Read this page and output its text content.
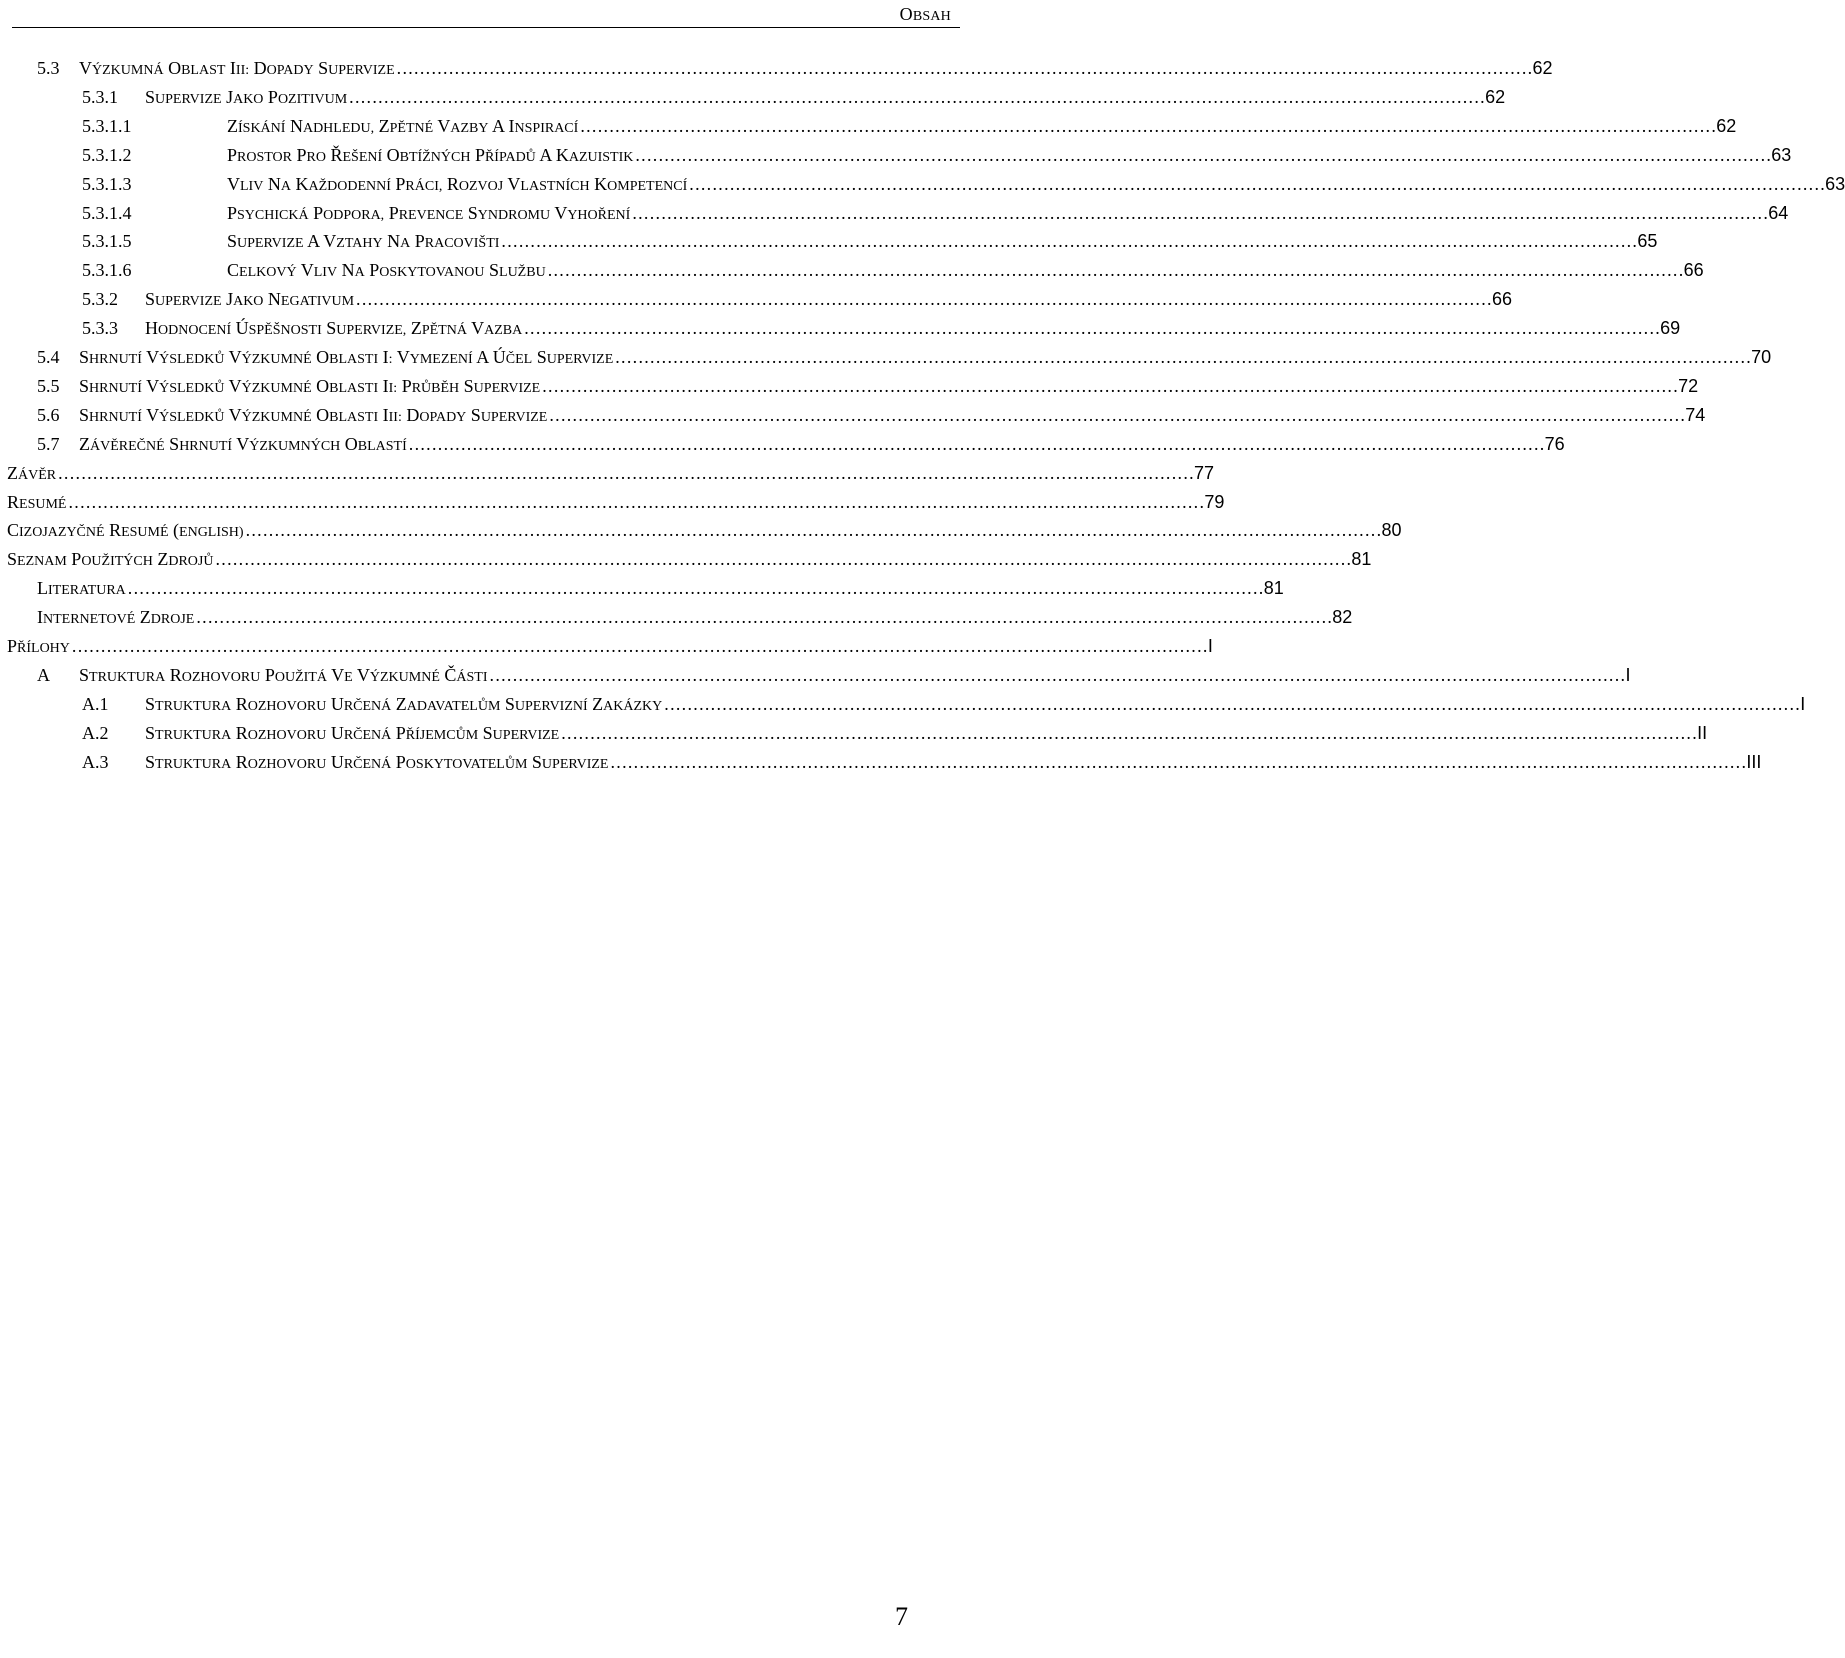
OBSAH
5.3	VÝZKUMNÁ OBLAST III: DOPADY SUPERVIZE . . .	62
5.3.1	SUPERVIZE JAKO POZITIVUM . . .	62
5.3.1.1	ZÍSKÁNÍ NADHLEDU, ZPĚTNÉ VAZBY A INSPIRACÍ . . .	62
5.3.1.2	PROSTOR PRO ŘEŠENÍ OBTÍŽNÝCH PŘÍPADŮ A KAZUISTIK . . .	63
5.3.1.3	VLIV NA KAŽDODENNÍ PRÁCI, ROZVOJ VLASTNÍCH KOMPETENCÍ . . .	63
5.3.1.4	PSYCHICKÁ PODPORA, PREVENCE SYNDROMU VYHOŘENÍ . . .	64
5.3.1.5	SUPERVIZE A VZTAHY NA PRACOVIŠTI . . .	65
5.3.1.6	CELKOVÝ VLIV NA POSKYTOVANOU SLUŽBU . . .	66
5.3.2	SUPERVIZE JAKO NEGATIVUM . . .	66
5.3.3	HODNOCENÍ ÚSPĚŠNOSTI SUPERVIZE, ZPĚTNÁ VAZBA . . .	69
5.4	SHRNUTÍ VÝSLEDKŮ VÝZKUMNÉ OBLASTI I: VYMEZENÍ A ÚČEL SUPERVIZE . . .	70
5.5	SHRNUTÍ VÝSLEDKŮ VÝZKUMNÉ OBLASTI II: PRŮBĚH SUPERVIZE . . .	72
5.6	SHRNUTÍ VÝSLEDKŮ VÝZKUMNÉ OBLASTI III: DOPADY SUPERVIZE . . .	74
5.7	ZÁVĚREČNÉ SHRNUTÍ VÝZKUMNÝCH OBLASTÍ . . .	76
ZÁVĚR . . .	77
RESUMÉ . . .	79
CIZOJAZYČNÉ RESUMÉ (ENGLISH) . . .	80
SEZNAM POUŽITÝCH ZDROJŮ . . .	81
LITERATURA . . .	81
INTERNETOVÉ ZDROJE . . .	82
PŘÍLOHY . . .	I
A	STRUKTURA ROZHOVORU POUŽITÁ VE VÝZKUMNÉ ČÁSTI . . .	I
A.1	STRUKTURA ROZHOVORU URČENÁ ZADAVATELŮM SUPERVIZNÍ ZAKÁZKY . . .	I
A.2	STRUKTURA ROZHOVORU URČENÁ PŘÍJEMCŮM SUPERVIZE . . .	II
A.3	STRUKTURA ROZHOVORU URČENÁ POSKYTOVATELŮM SUPERVIZE . . .	III
7
